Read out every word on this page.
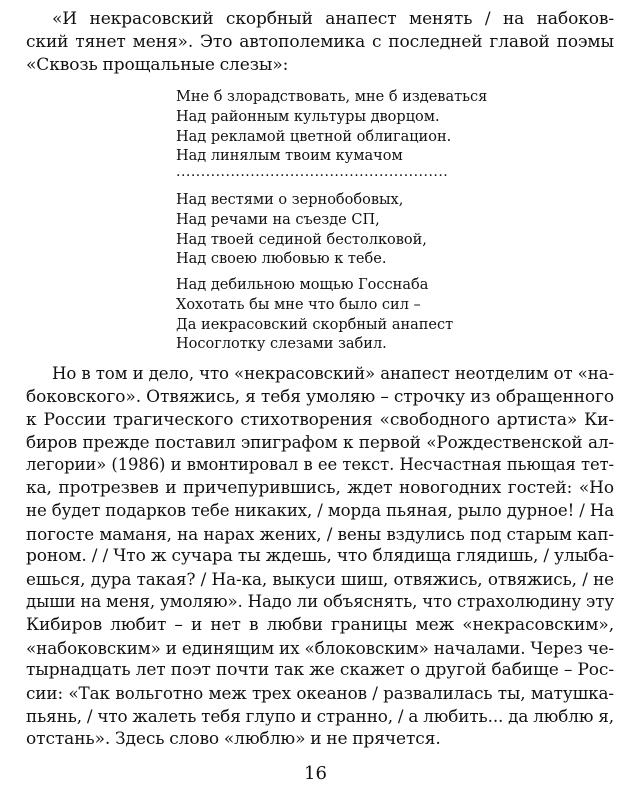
«И некрасовский скорбный анапест менять / на набоков-
ский тянет меня». Это автополемика с последней главой поэмы
«Сквозь прощальные слезы»:

Мне б злорадствовать, мне б издеваться
Над районным культуры дворцом.
Над рекламой цветной облигацион.
Над линялым твоим кумачом
.......................................................
Над вестями о зернобобовых,
Над речами на съезде СП,
Над твоей сединой бестолковой,
Над своею любовью к тебе.
Над дебильною мощью Госснаба
Хохотать бы мне что было сил –
Да иекрасовский скорбный анапест
Носоглотку слезами забил.

Но в том и дело, что «некрасовский» анапест неотделим от «на-
боковского». Отвяжись, я тебя умоляю – строчку из обращенного
к России трагического стихотворения «свободного артиста» Ки-
биров прежде поставил эпиграфом к первой «Рождественской ал-
легории» (1986) и вмонтировал в ее текст. Несчастная пьющая тет-
ка, протрезвев и причепурившись, ждет новогодних гостей: «Но
не будет подарков тебе никаких, / морда пьяная, рыло дурное! / На
погосте маманя, на нарах жених, / вены вздулись под старым кап-
роном. / / Что ж сучара ты ждешь, что блядища глядишь, / улыба-
ешься, дура такая? / На-ка, выкуси шиш, отвяжись, отвяжись, / не
дыши на меня, умоляю». Надо ли объяснять, что страхолюдину эту
Кибиров любит – и нет в любви границы меж «некрасовским»,
«набоковским» и единящим их «блоковским» началами. Через че-
тырнадцать лет поэт почти так же скажет о другой бабище – Рос-
сии: «Так вольготно меж трех океанов / развалилась ты, матушка-
пьянь, / что жалеть тебя глупо и странно, / а любить... да люблю я,
отстань». Здесь слово «люблю» и не прячется.

16
